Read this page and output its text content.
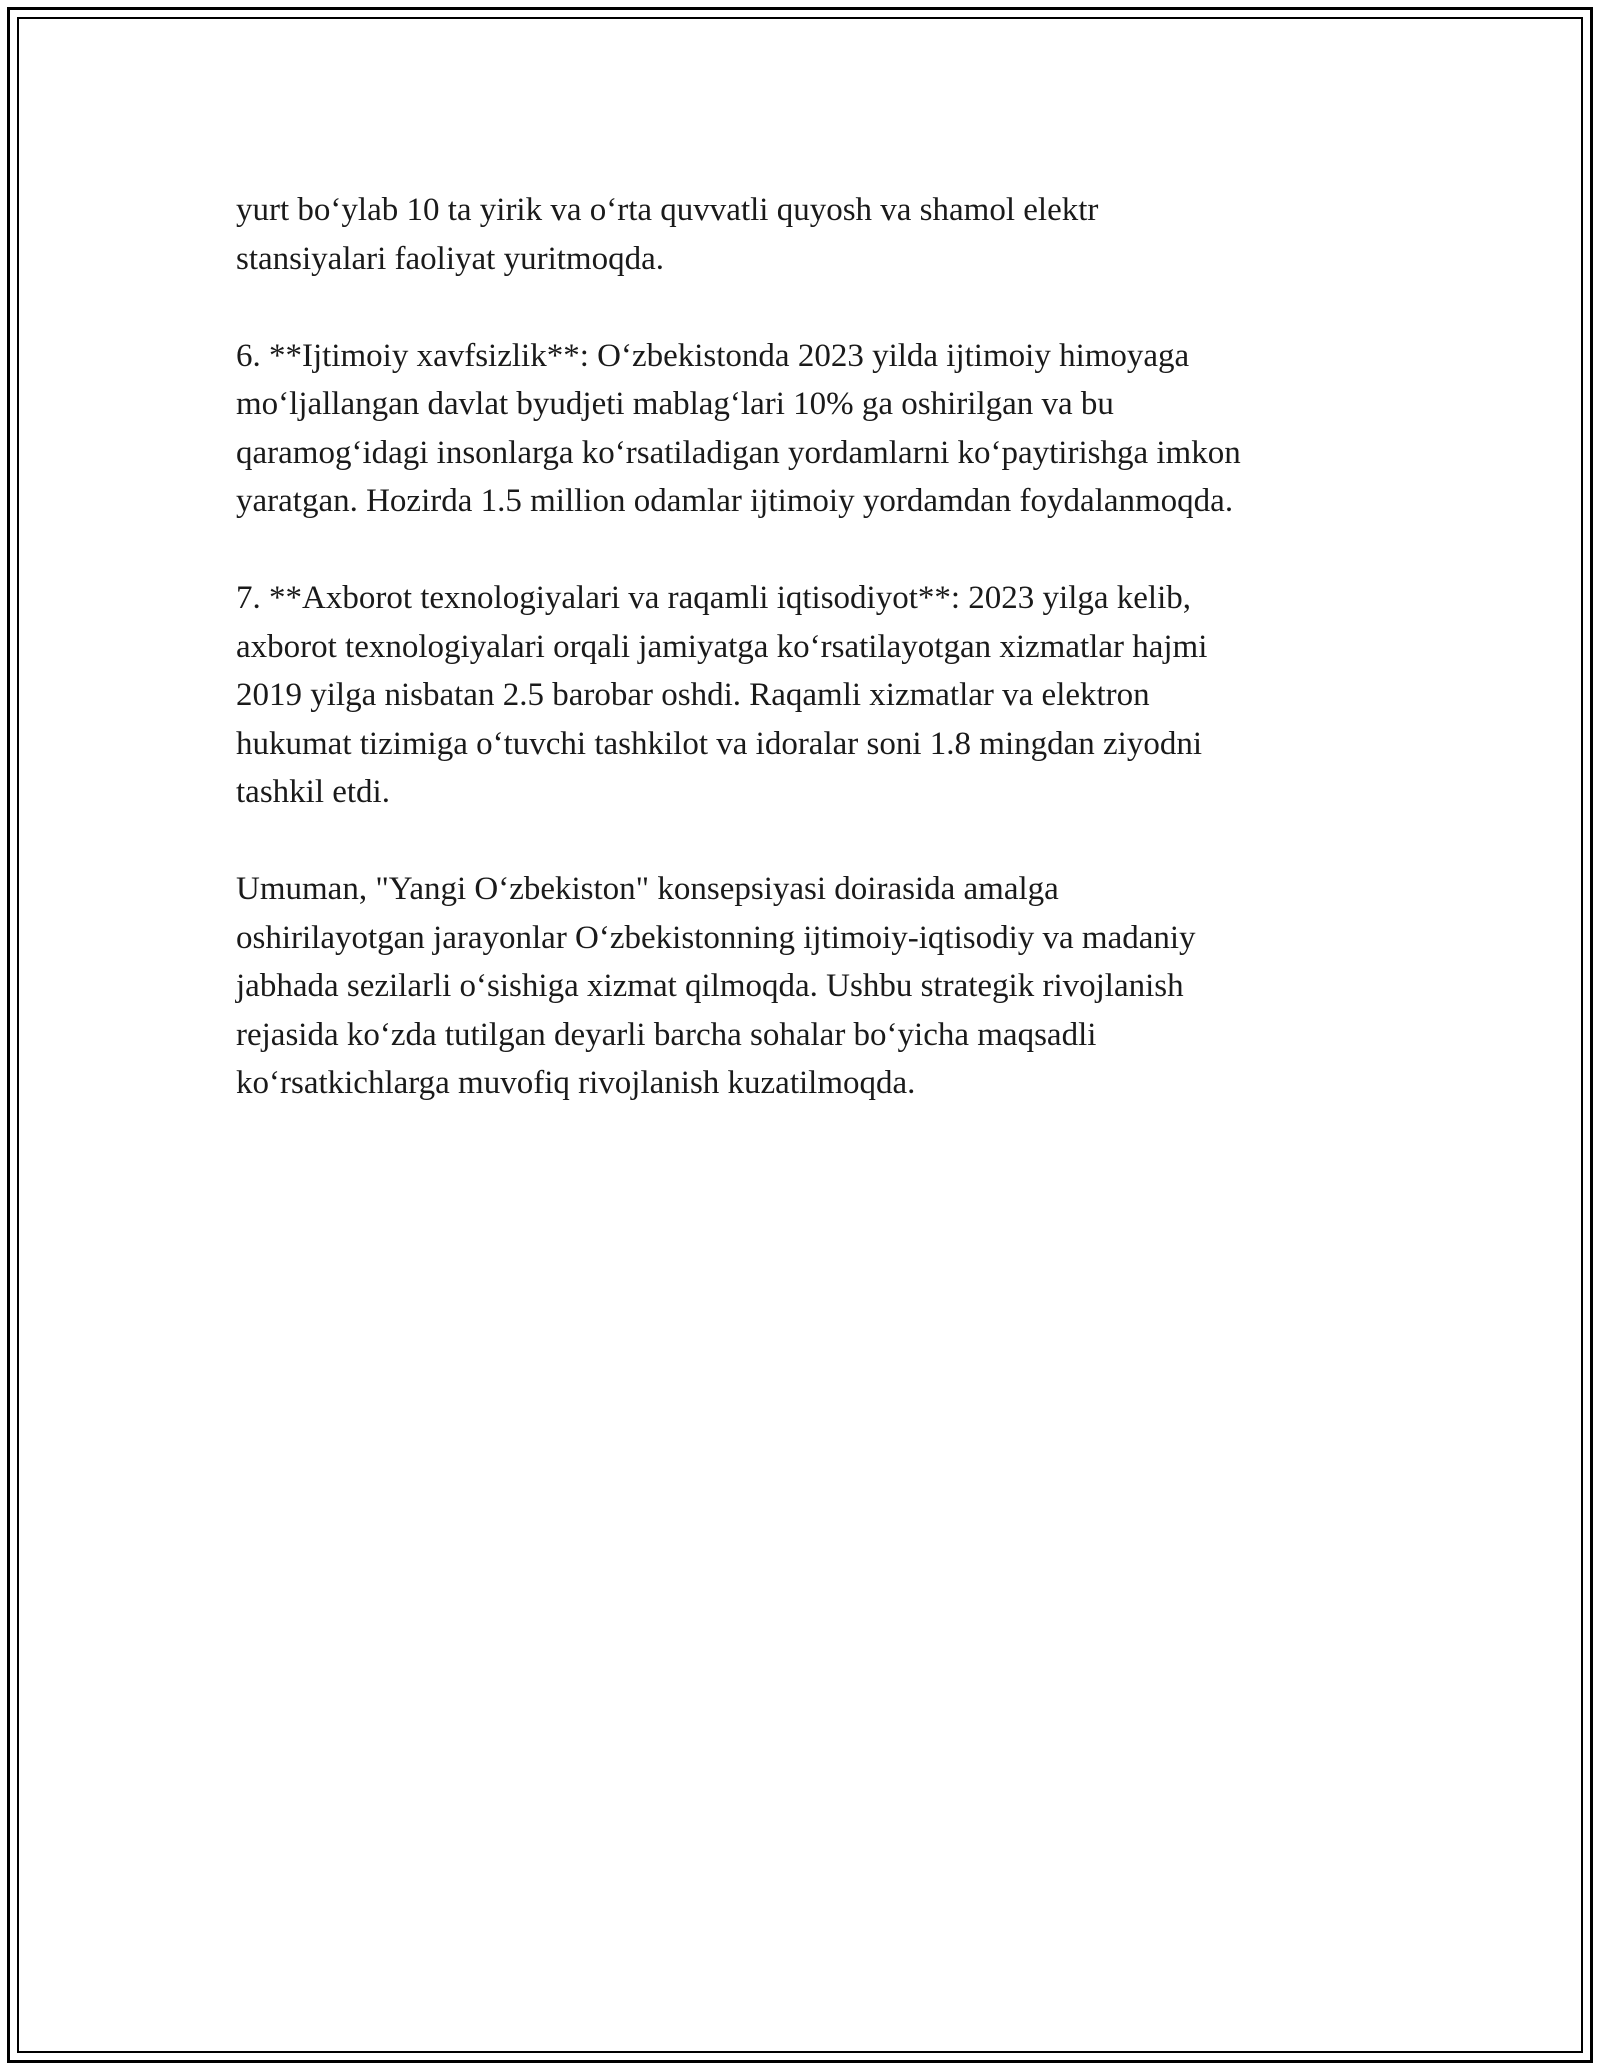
yurt boʻylab 10 ta yirik va oʻrta quvvatli quyosh va shamol elektr
stansiyalari faoliyat yuritmoqda.

6. **Ijtimoiy xavfsizlik**: Oʻzbekistonda 2023 yilda ijtimoiy himoyaga
moʻljallangan davlat byudjeti mablagʻlari 10% ga oshirilgan va bu
qaramogʻidagi insonlarga koʻrsatiladigan yordamlarni koʻpaytirishga imkon
yaratgan. Hozirda 1.5 million odamlar ijtimoiy yordamdan foydalanmoqda.

7. **Axborot texnologiyalari va raqamli iqtisodiyot**: 2023 yilga kelib,
axborot texnologiyalari orqali jamiyatga koʻrsatilayotgan xizmatlar hajmi
2019 yilga nisbatan 2.5 barobar oshdi. Raqamli xizmatlar va elektron
hukumat tizimiga oʻtuvchi tashkilot va idoralar soni 1.8 mingdan ziyodni
tashkil etdi.

Umuman, "Yangi Oʻzbekiston" konsepsiyasi doirasida amalga
oshirilayotgan jarayonlar Oʻzbekistonning ijtimoiy-iqtisodiy va madaniy
jabhada sezilarli oʻsishiga xizmat qilmoqda. Ushbu strategik rivojlanish
rejasida koʻzda tutilgan deyarli barcha sohalar boʻyicha maqsadli
koʻrsatkichlarga muvofiq rivojlanish kuzatilmoqda.
